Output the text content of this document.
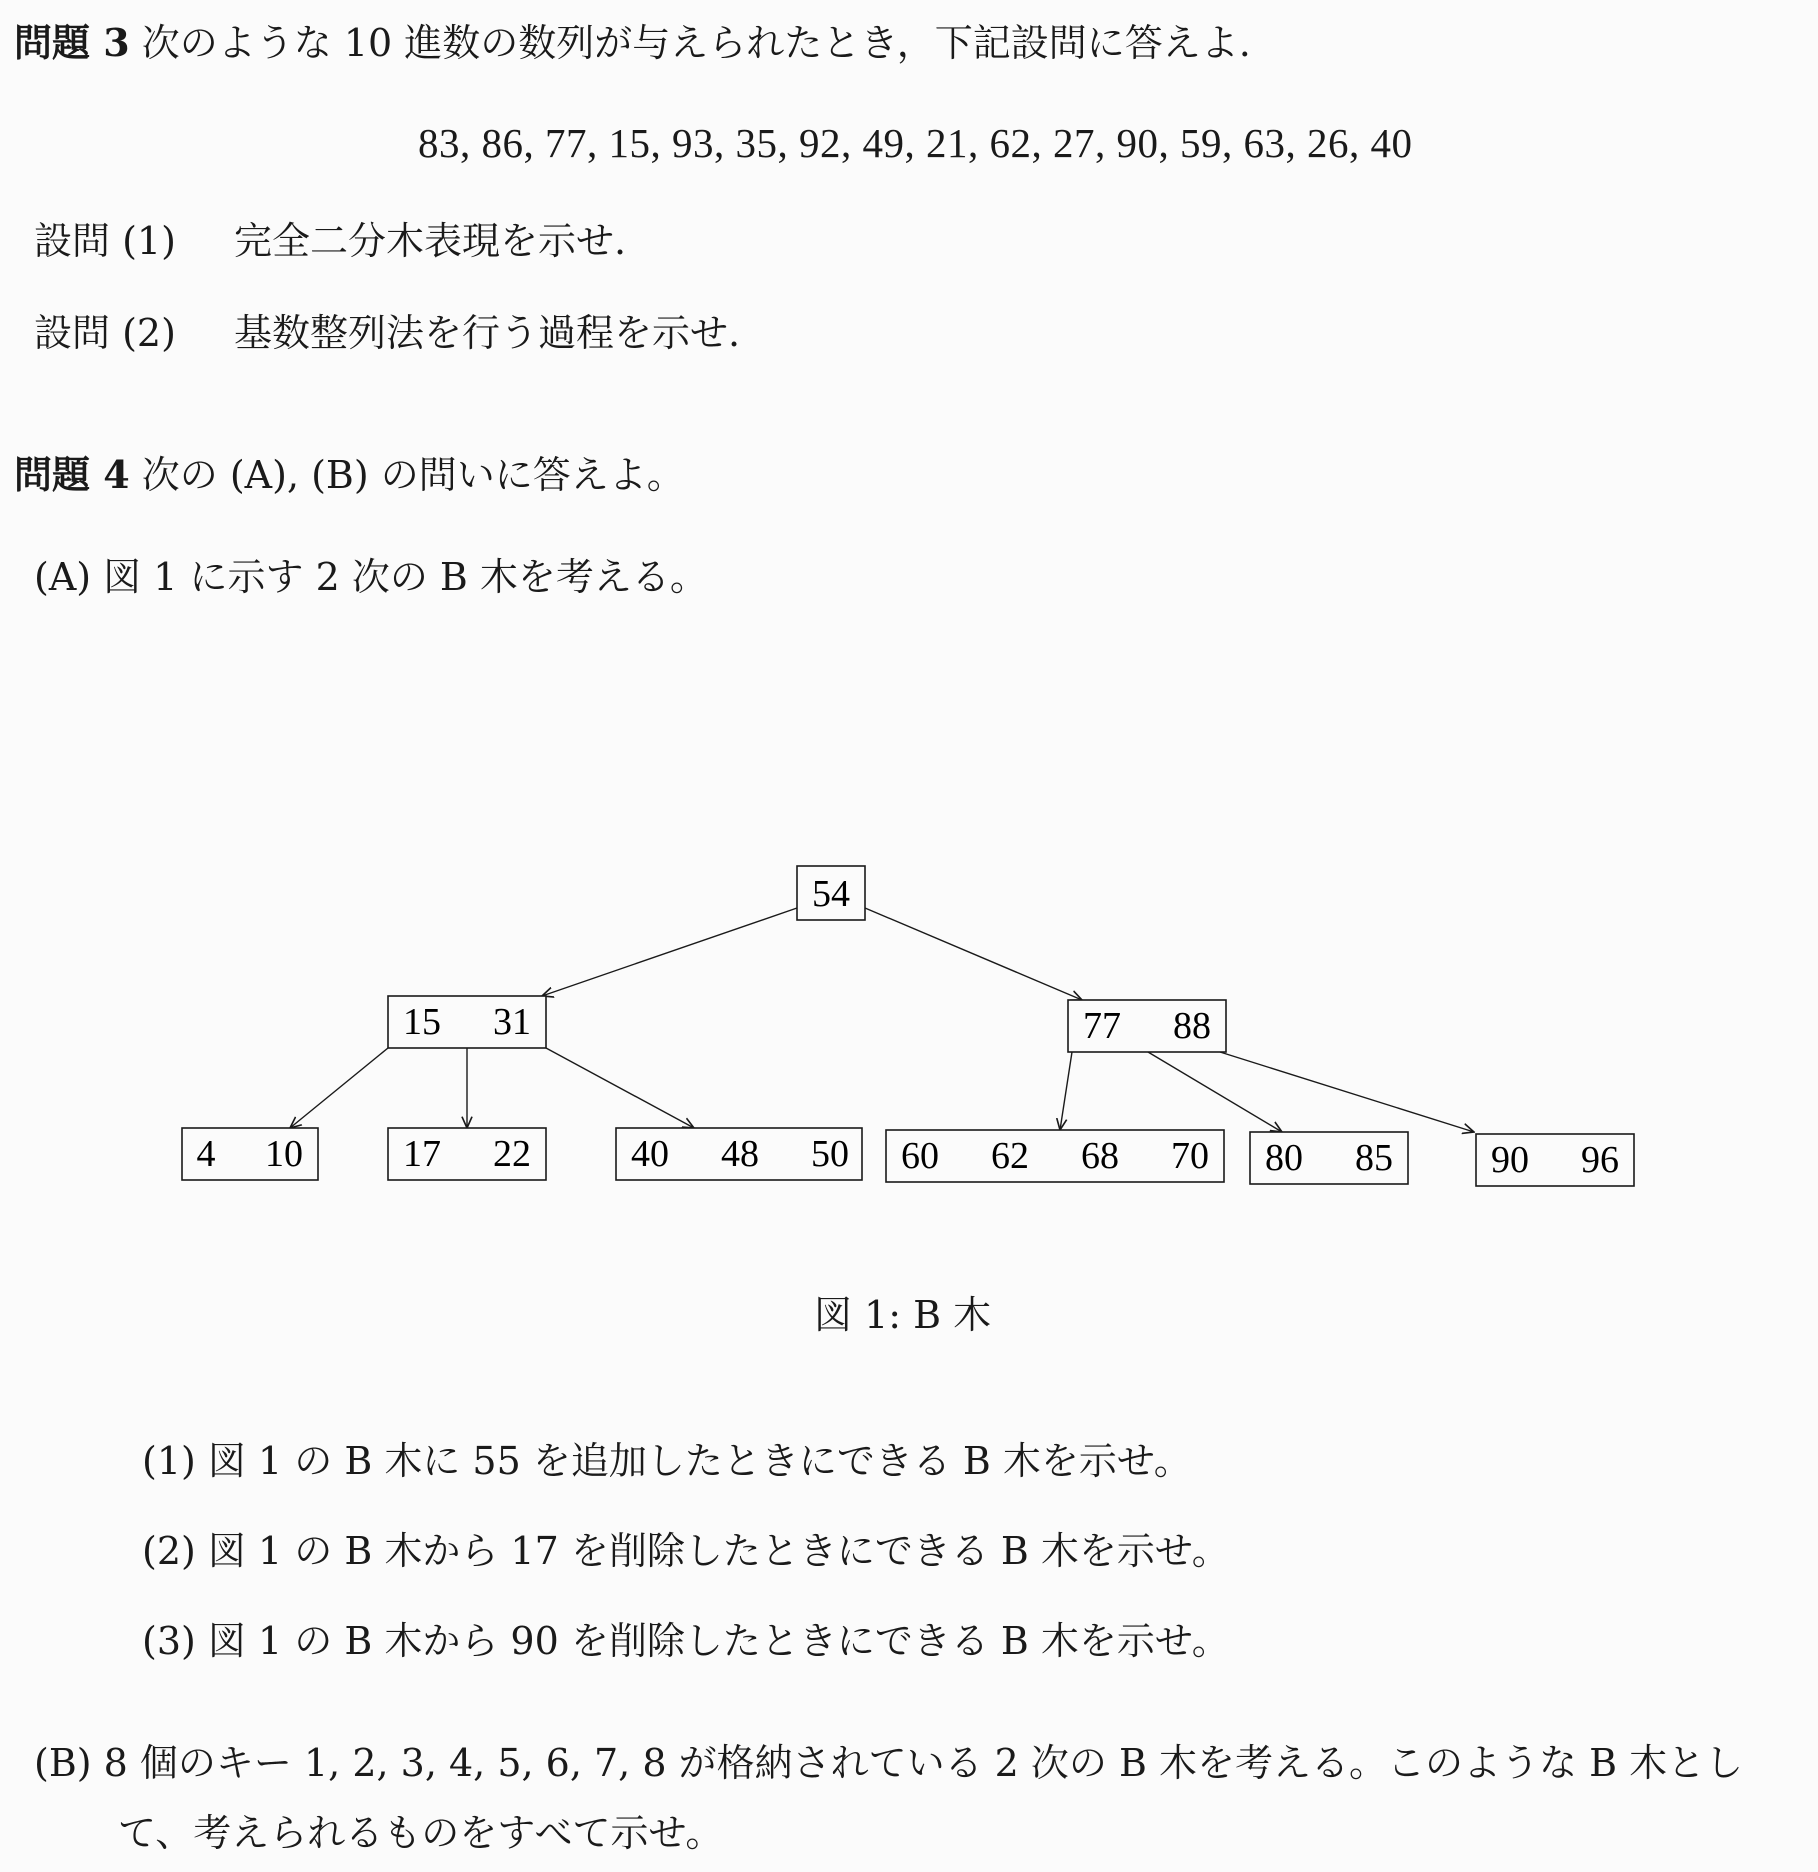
問題 3 次のような 10 進数の数列が与えられたとき，下記設問に答えよ.
83, 86, 77, 15, 93, 35, 92, 49, 21, 62, 27, 90, 59, 63, 26, 40
設問 (1) 完全二分木表現を示せ.
設問 (2) 基数整列法を行う過程を示せ.
問題 4 次の (A), (B) の問いに答えよ。
(A) 図 1 に示す 2 次の B 木を考える。
54
15 31	77 88
4 10	17 22	40 48 50 60 62 68 70 80 85	90 96
図 1: B 木
(1) 図 1 の B 木に 55 を追加したときにできる B 木を示せ。
(2) 図 1 の B 木から 17 を削除したときにできる B 木を示せ。
(3) 図 1 の B 木から 90 を削除したときにできる B 木を示せ。
(B) 8 個のキー 1, 2, 3, 4, 5, 6, 7, 8 が格納されている 2 次の B 木を考える。このような B 木とし
て、考えられるものをすべて示せ。
